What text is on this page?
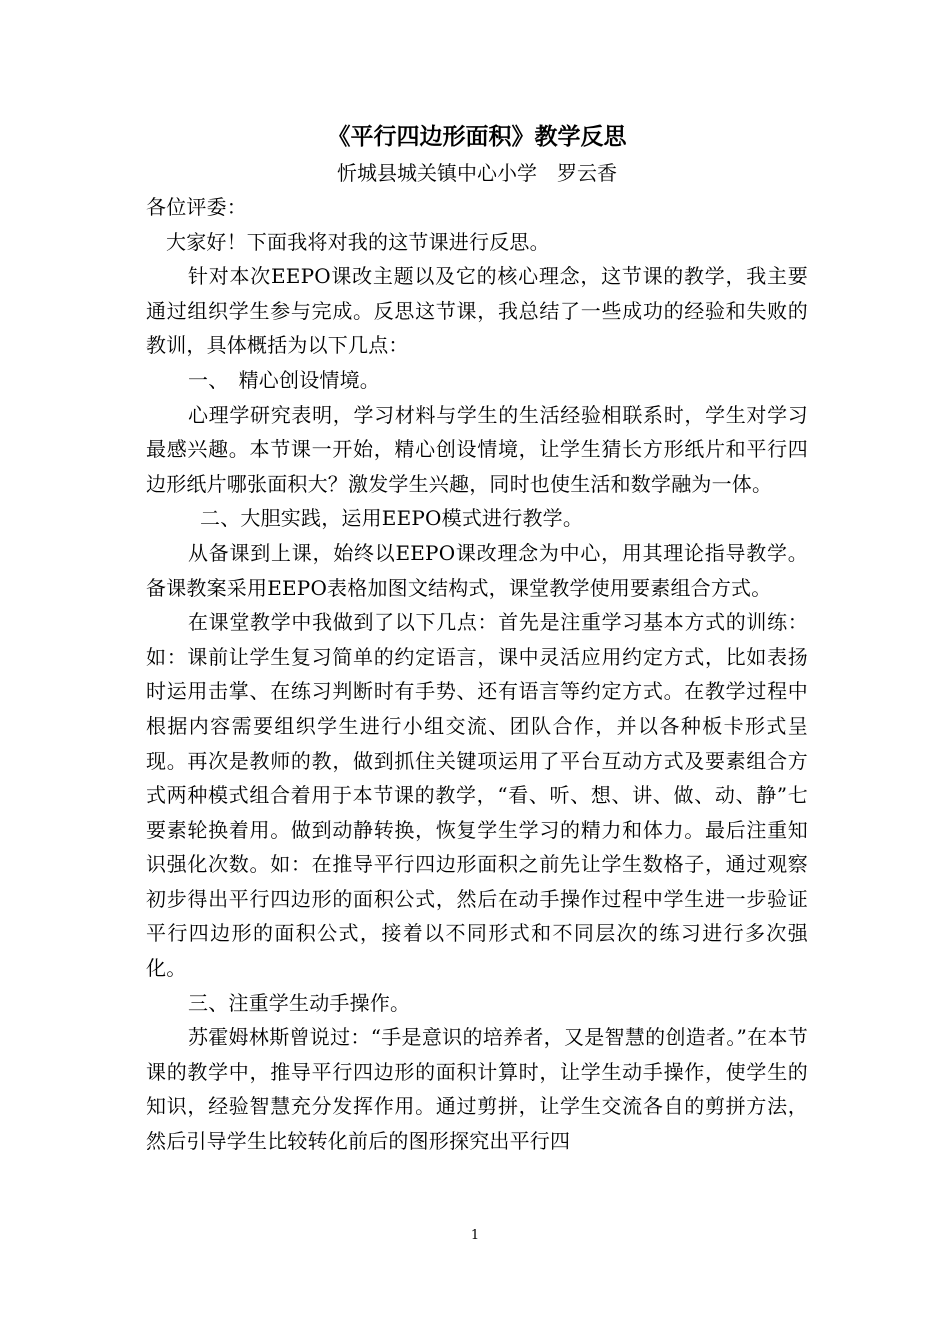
《平行四边形面积》教学反思

忻城县城关镇中心小学　罗云香

各位评委：

大家好！下面我将对我的这节课进行反思。

针对本次EEPO课改主题以及它的核心理念，这节课的教学，我主要通过组织学生参与完成。反思这节课，我总结了一些成功的经验和失败的教训，具体概括为以下几点：

一、　精心创设情境。

心理学研究表明，学习材料与学生的生活经验相联系时，学生对学习最感兴趣。本节课一开始，精心创设情境，让学生猜长方形纸片和平行四边形纸片哪张面积大？激发学生兴趣，同时也使生活和数学融为一体。

二、大胆实践，运用EEPO模式进行教学。

从备课到上课，始终以EEPO课改理念为中心，用其理论指导教学。备课教案采用EEPO表格加图文结构式，课堂教学使用要素组合方式。

在课堂教学中我做到了以下几点：首先是注重学习基本方式的训练：如：课前让学生复习简单的约定语言，课中灵活应用约定方式，比如表扬时运用击掌、在练习判断时有手势、还有语言等约定方式。在教学过程中根据内容需要组织学生进行小组交流、团队合作，并以各种板卡形式呈现。再次是教师的教，做到抓住关键项运用了平台互动方式及要素组合方式两种模式组合着用于本节课的教学，“看、听、想、讲、做、动、静”七要素轮换着用。做到动静转换，恢复学生学习的精力和体力。最后注重知识强化次数。如：在推导平行四边形面积之前先让学生数格子，通过观察初步得出平行四边形的面积公式，然后在动手操作过程中学生进一步验证平行四边形的面积公式，接着以不同形式和不同层次的练习进行多次强化。

三、注重学生动手操作。

苏霍姆林斯曾说过：“手是意识的培养者，又是智慧的创造者。”在本节课的教学中，推导平行四边形的面积计算时，让学生动手操作，使学生的知识，经验智慧充分发挥作用。通过剪拼，让学生交流各自的剪拼方法，然后引导学生比较转化前后的图形探究出平行四

1
